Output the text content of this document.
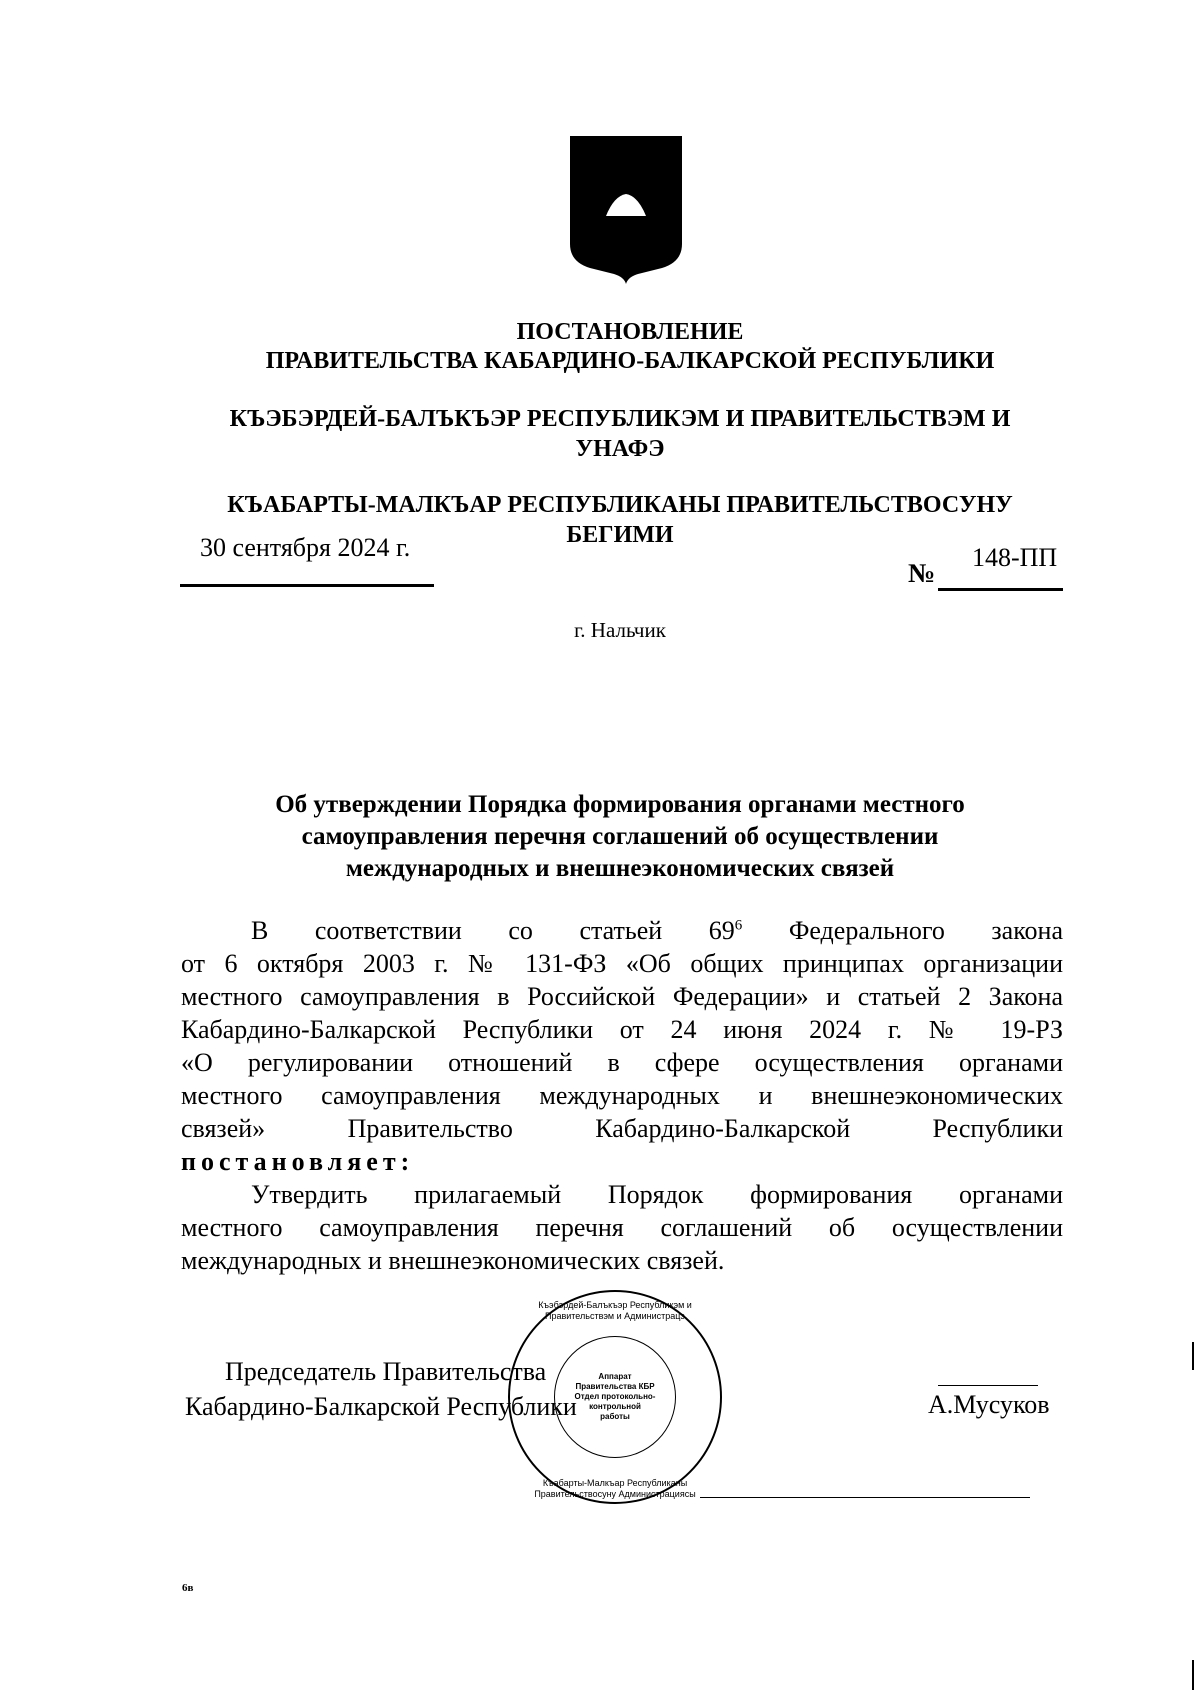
ПОСТАНОВЛЕНИЕ
ПРАВИТЕЛЬСТВА КАБАРДИНО-БАЛКАРСКОЙ РЕСПУБЛИКИ
КЪЭБЭРДЕЙ-БАЛЪКЪЭР РЕСПУБЛИКЭМ И ПРАВИТЕЛЬСТВЭМ И УНАФЭ
КЪАБАРТЫ-МАЛКЪАР РЕСПУБЛИКАНЫ ПРАВИТЕЛЬСТВОСУНУ БЕГИМИ
30 сентября 2024 г.
№
148-ПП
г. Нальчик
Об утверждении Порядка формирования органами местного
самоуправления перечня соглашений об осуществлении
международных и внешнеэкономических связей
В соответствии со статьей $69^6$ Федерального закона
от 6 октября 2003 г. № 131-ФЗ «Об общих принципах организации
местного самоуправления в Российской Федерации» и статьей 2 Закона
Кабардино-Балкарской Республики от 24 июня 2024 г. № 19-РЗ
«О регулировании отношений в сфере осуществления органами
местного самоуправления международных и внешнеэкономических
связей» Правительство Кабардино-Балкарской Республики
постановляет:
Утвердить прилагаемый Порядок формирования органами
местного самоуправления перечня соглашений об осуществлении
международных и внешнеэкономических связей.
Председатель Правительства
Кабардино-Балкарской Республики	А.Мусуков
Къэбэрдей-Балъкъэр Республикэм и Правительствэм и Администрацэ
Аппарат
Правительства КБР
Отдел протокольно-
контрольной
работы
Къабарты-Малкъар Республиканы Правительствосуну Администрациясы
6в
